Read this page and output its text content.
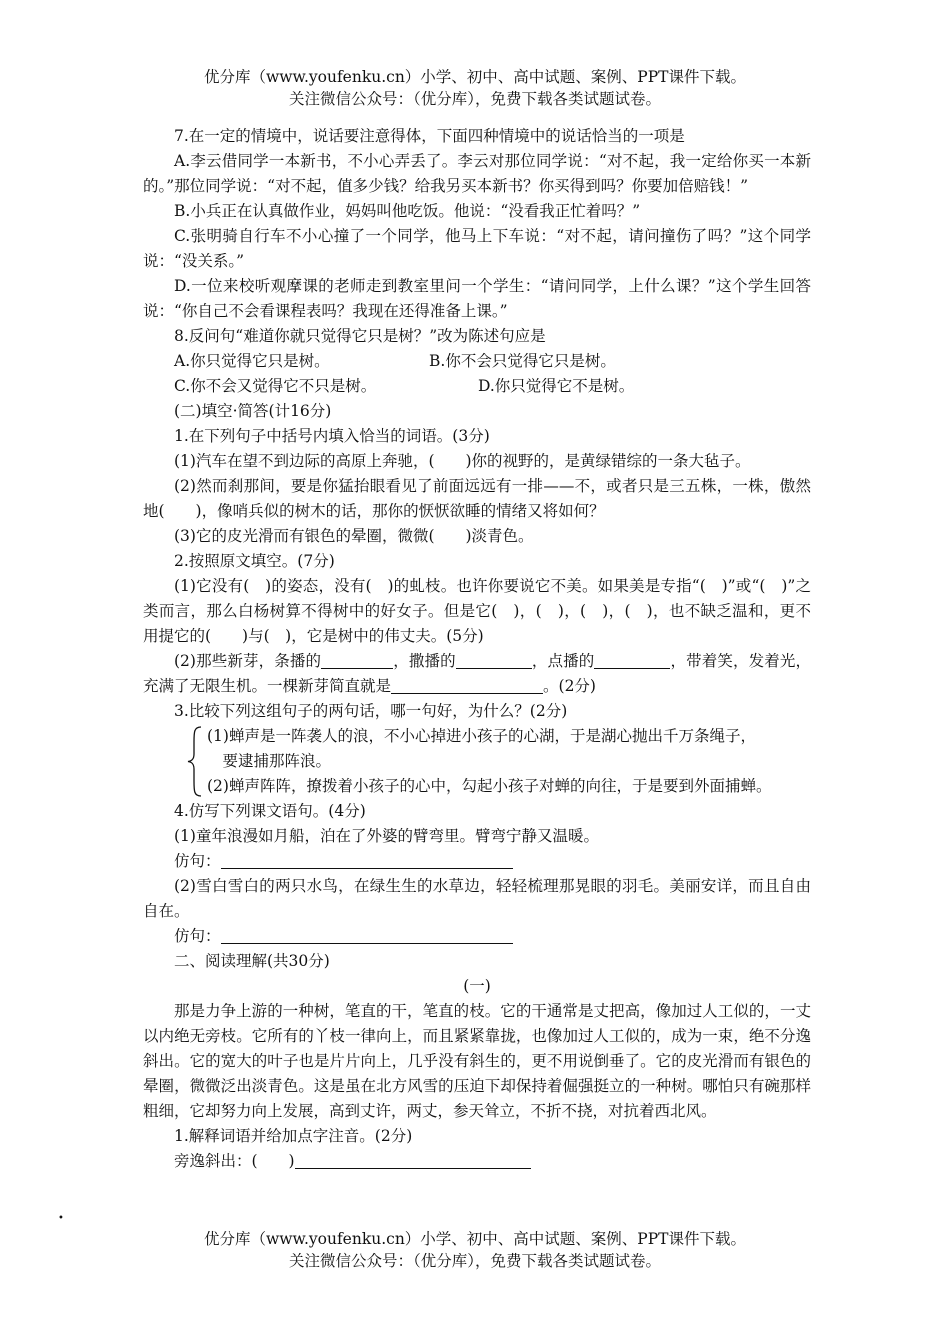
优分库（www.youfenku.cn）小学、初中、高中试题、案例、PPT课件下载。
关注微信公众号：（优分库），免费下载各类试题试卷。

7.在一定的情境中，说话要注意得体，下面四种情境中的说话恰当的一项是

A.李云借同学一本新书，不小心弄丢了。李云对那位同学说：“对不起，我一定给你买一本新的。”那位同学说：“对不起，值多少钱？给我另买本新书？你买得到吗？你要加倍赔钱！”

B.小兵正在认真做作业，妈妈叫他吃饭。他说：“没看我正忙着吗？”

C.张明骑自行车不小心撞了一个同学，他马上下车说：“对不起，请问撞伤了吗？”这个同学说：“没关系。”

D.一位来校听观摩课的老师走到教室里问一个学生：“请问同学，上什么课？”这个学生回答说：“你自己不会看课程表吗？我现在还得准备上课。”

8.反问句“难道你就只觉得它只是树？”改为陈述句应是

A.你只觉得它只是树。	B.你不会只觉得它只是树。
C.你不会又觉得它不只是树。	D.你只觉得它不是树。

(二)填空·简答(计16分)

1.在下列句子中括号内填入恰当的词语。(3分)

(1)汽车在望不到边际的高原上奔驰，(　　)你的视野的，是黄绿错综的一条大毡子。

(2)然而刹那间，要是你猛抬眼看见了前面远远有一排——不，或者只是三五株，一株，傲然地(　　)，像哨兵似的树木的话，那你的恹恹欲睡的情绪又将如何？

(3)它的皮光滑而有银色的晕圈，微微(　　)淡青色。

2.按照原文填空。(7分)

(1)它没有(　)的姿态，没有(　)的虬枝。也许你要说它不美。如果美是专指“(　)”或“(　)”之类而言，那么白杨树算不得树中的好女子。但是它(　)，(　)，(　)，(　)，也不缺乏温和，更不用提它的(　　)与(　)，它是树中的伟丈夫。(5分)

(2)那些新芽，条播的	，撒播的	，点播的	，带着笑，发着光，充满了无限生机。一棵新芽简直就是	。(2分)

3.比较下列这组句子的两句话，哪一句好，为什么？(2分)

(1)蝉声是一阵袭人的浪，不小心掉进小孩子的心湖，于是湖心抛出千万条绳子，
要逮捕那阵浪。
(2)蝉声阵阵，撩拨着小孩子的心中，勾起小孩子对蝉的向往，于是要到外面捕蝉。

4.仿写下列课文语句。(4分)

(1)童年浪漫如月船，泊在了外婆的臂弯里。臂弯宁静又温暖。

仿句：

(2)雪白雪白的两只水鸟，在绿生生的水草边，轻轻梳理那晃眼的羽毛。美丽安详，而且自由自在。

仿句：

二、阅读理解(共30分)

(一)

那是力争上游的一种树，笔直的干，笔直的枝。它的干通常是丈把高，像加过人工似的，一丈以内绝无旁枝。它所有的丫枝一律向上，而且紧紧靠拢，也像加过人工似的，成为一束，绝不分逸斜出。它的宽大的叶子也是片片向上，几乎没有斜生的，更不用说倒垂了。它的皮光滑而有银色的晕圈，微微泛出淡青色。这是虽在北方风雪的压迫下却保持着倔强挺立的一种树。哪怕只有碗那样粗细，它却努力向上发展，高到丈许，两丈，参天耸立，不折不挠，对抗着西北风。

1.解释词语并给加点字注音。(2分)

旁逸斜出：(　　)

•
优分库（www.youfenku.cn）小学、初中、高中试题、案例、PPT课件下载。
关注微信公众号：（优分库），免费下载各类试题试卷。
